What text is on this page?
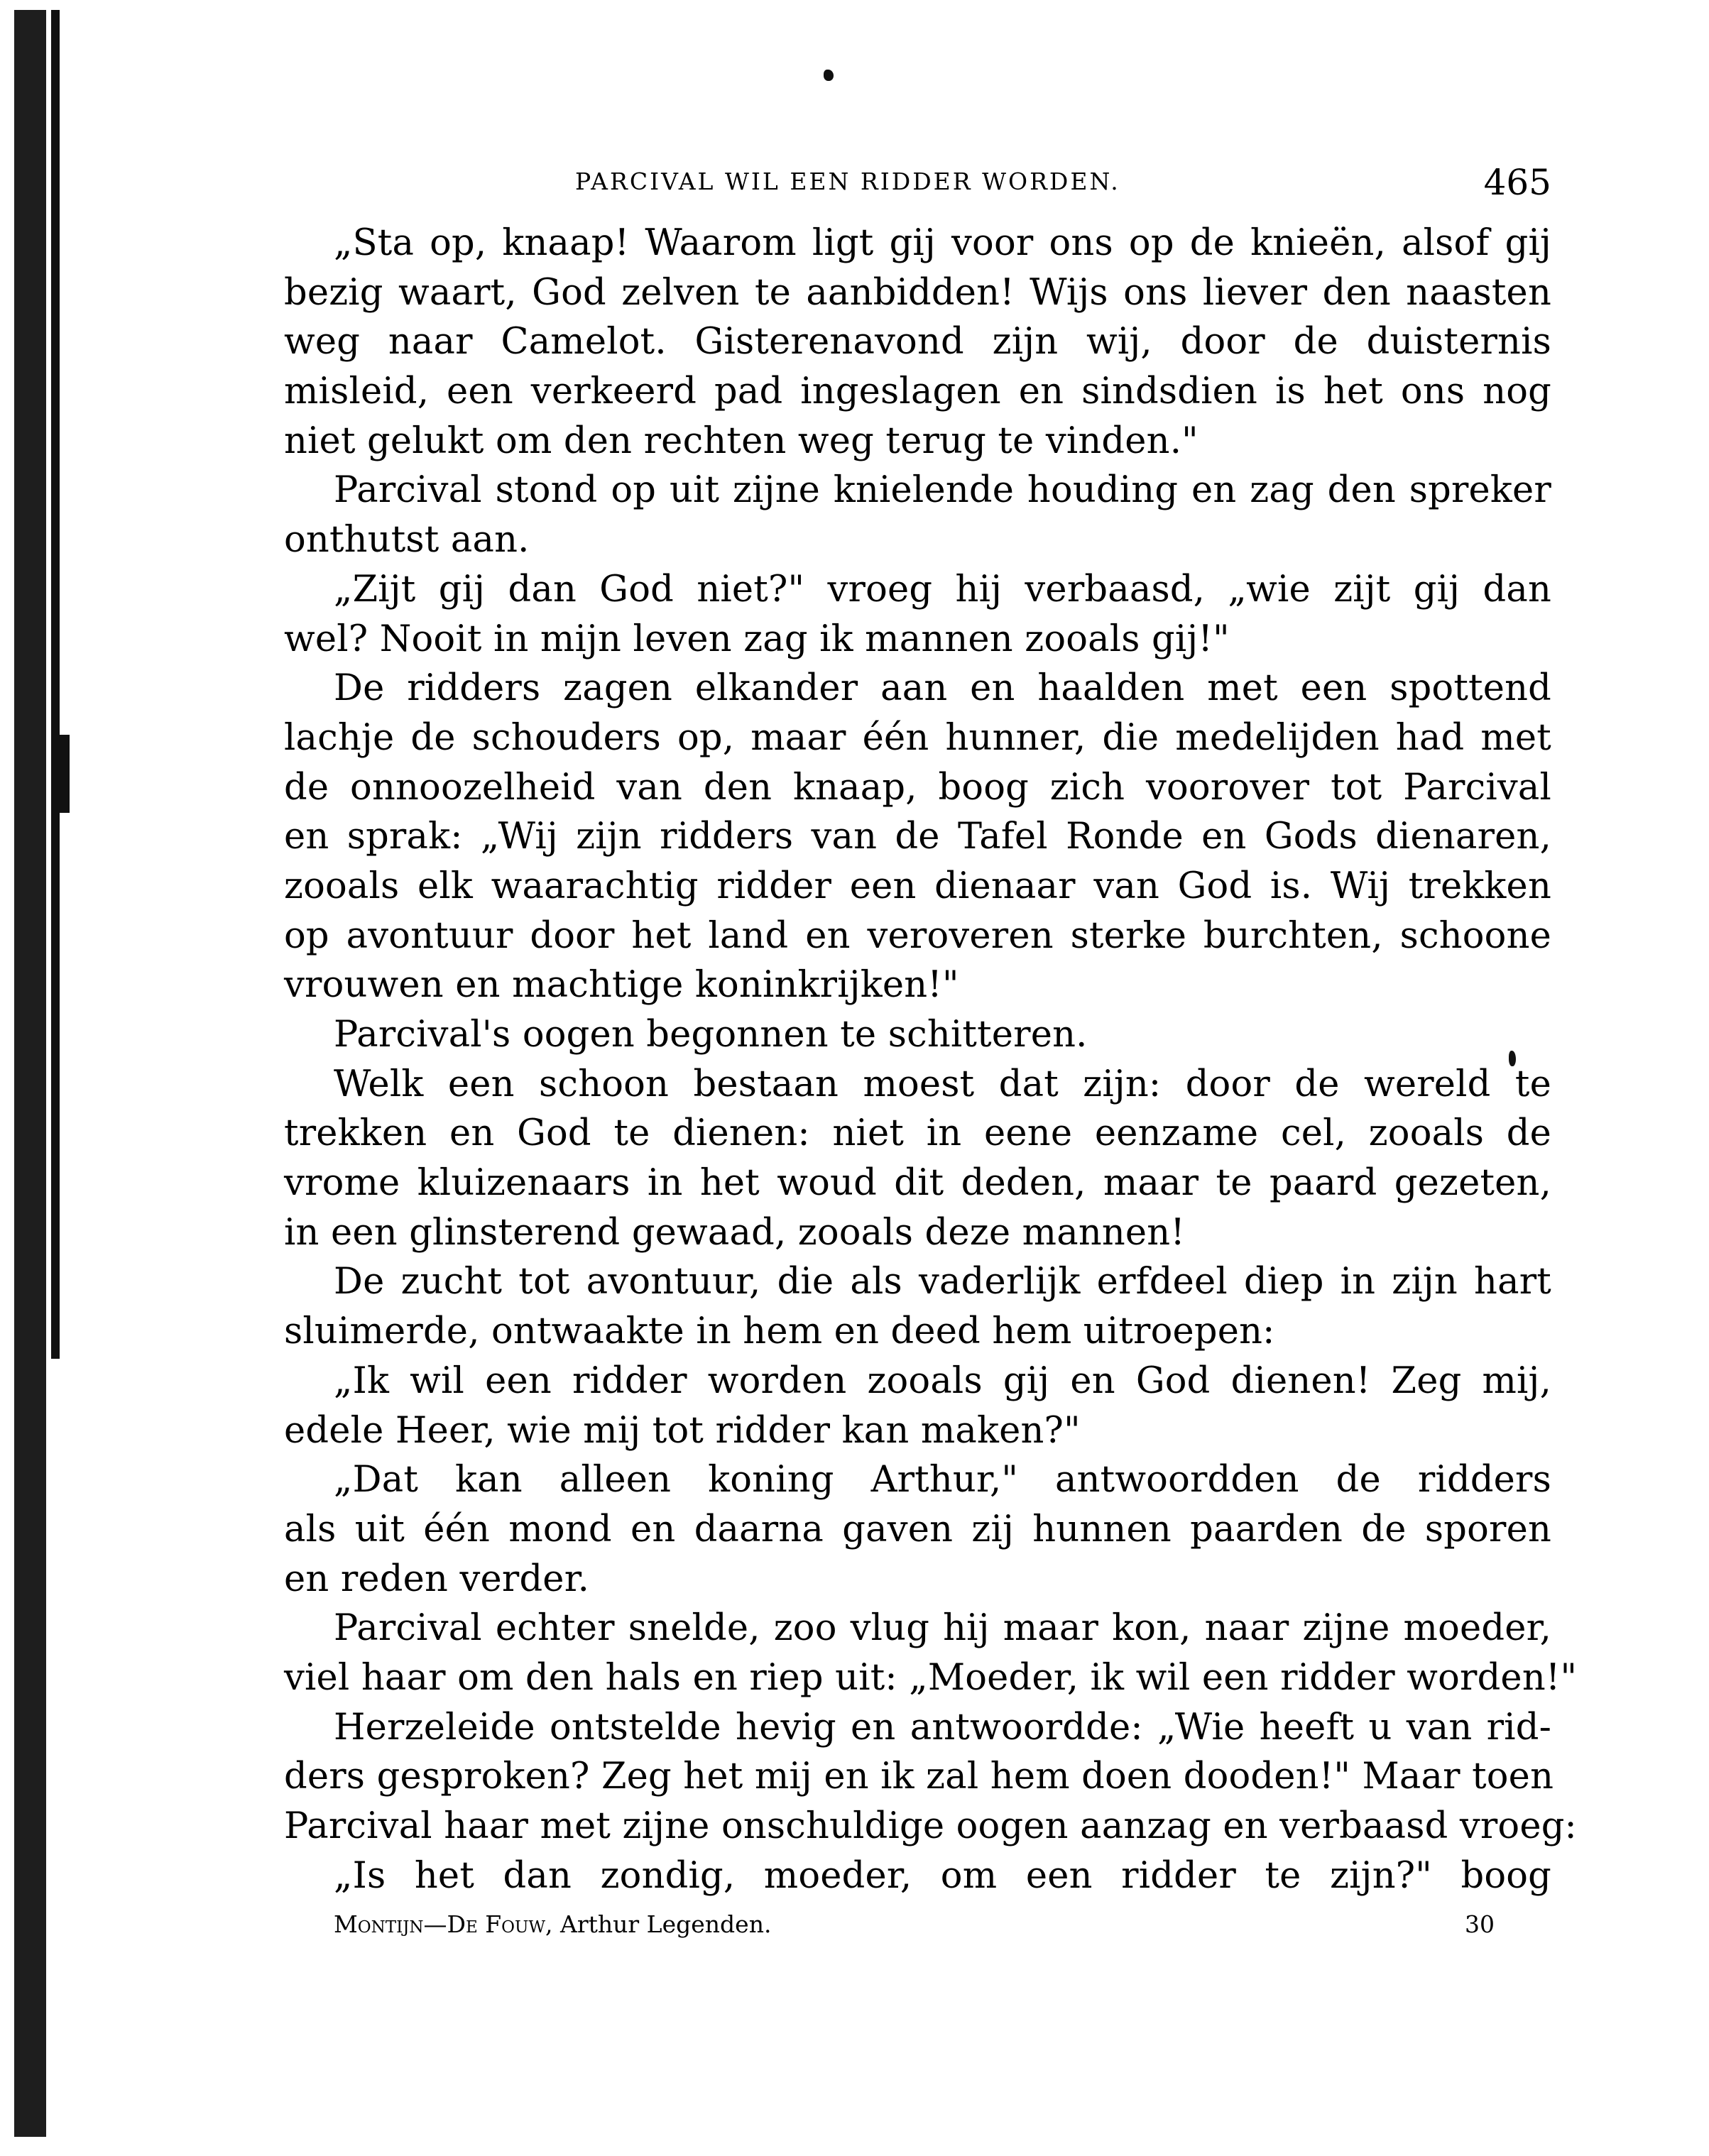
PARCIVAL WIL EEN RIDDER WORDEN.	465
„Sta op, knaap! Waarom ligt gij voor ons op de knieën, alsof gij
bezig waart, God zelven te aanbidden! Wijs ons liever den naasten
weg naar Camelot. Gisterenavond zijn wij, door de duisternis
misleid, een verkeerd pad ingeslagen en sindsdien is het ons nog
niet gelukt om den rechten weg terug te vinden."
Parcival stond op uit zijne knielende houding en zag den spreker
onthutst aan.
„Zijt gij dan God niet?" vroeg hij verbaasd, „wie zijt gij dan
wel? Nooit in mijn leven zag ik mannen zooals gij!"
De ridders zagen elkander aan en haalden met een spottend
lachje de schouders op, maar één hunner, die medelijden had met
de onnoozelheid van den knaap, boog zich voorover tot Parcival
en sprak: „Wij zijn ridders van de Tafel Ronde en Gods dienaren,
zooals elk waarachtig ridder een dienaar van God is. Wij trekken
op avontuur door het land en veroveren sterke burchten, schoone
vrouwen en machtige koninkrijken!"
Parcival's oogen begonnen te schitteren.
Welk een schoon bestaan moest dat zijn: door de wereld te
trekken en God te dienen: niet in eene eenzame cel, zooals de
vrome kluizenaars in het woud dit deden, maar te paard gezeten,
in een glinsterend gewaad, zooals deze mannen!
De zucht tot avontuur, die als vaderlijk erfdeel diep in zijn hart
sluimerde, ontwaakte in hem en deed hem uitroepen:
„Ik wil een ridder worden zooals gij en God dienen! Zeg mij,
edele Heer, wie mij tot ridder kan maken?"
„Dat kan alleen koning Arthur," antwoordden de ridders
als uit één mond en daarna gaven zij hunnen paarden de sporen
en reden verder.
Parcival echter snelde, zoo vlug hij maar kon, naar zijne moeder,
viel haar om den hals en riep uit: „Moeder, ik wil een ridder worden!"
Herzeleide ontstelde hevig en antwoordde: „Wie heeft u van rid-
ders gesproken? Zeg het mij en ik zal hem doen dooden!" Maar toen
Parcival haar met zijne onschuldige oogen aanzag en verbaasd vroeg:
„Is het dan zondig, moeder, om een ridder te zijn?" boog
Montijn—De Fouw, Arthur Legenden.	30
